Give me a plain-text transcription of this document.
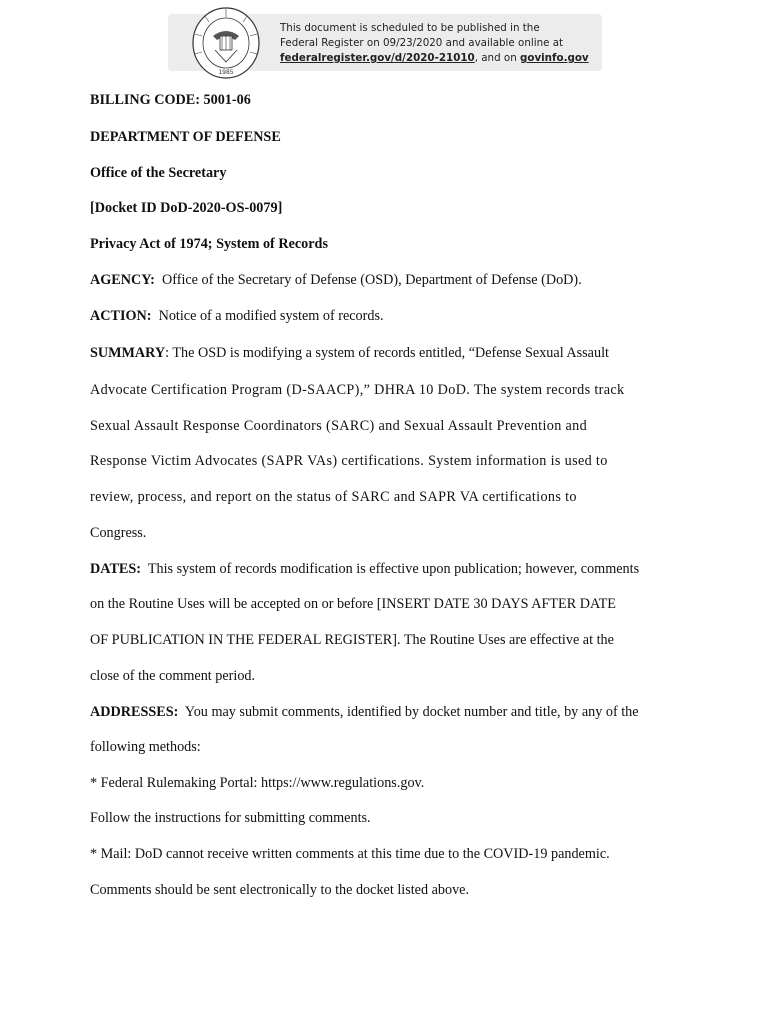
1985
This document is scheduled to be published in the
Federal Register on 09/23/2020 and available online at
federalregister.gov/d/2020-21010, and on govinfo.gov
BILLING CODE: 5001-06
DEPARTMENT OF DEFENSE
Office of the Secretary
[Docket ID DoD-2020-OS-0079]
Privacy Act of 1974; System of Records
AGENCY: Office of the Secretary of Defense (OSD), Department of Defense (DoD).
ACTION: Notice of a modified system of records.
SUMMARY: The OSD is modifying a system of records entitled, “Defense Sexual Assault
Advocate Certification Program (D-SAACP),” DHRA 10 DoD. The system records track
Sexual Assault Response Coordinators (SARC) and Sexual Assault Prevention and
Response Victim Advocates (SAPR VAs) certifications. System information is used to
review, process, and report on the status of SARC and SAPR VA certifications to
Congress.
DATES: This system of records modification is effective upon publication; however, comments
on the Routine Uses will be accepted on or before [INSERT DATE 30 DAYS AFTER DATE
OF PUBLICATION IN THE FEDERAL REGISTER]. The Routine Uses are effective at the
close of the comment period.
ADDRESSES: You may submit comments, identified by docket number and title, by any of the
following methods:
* Federal Rulemaking Portal: https://www.regulations.gov.
Follow the instructions for submitting comments.
* Mail: DoD cannot receive written comments at this time due to the COVID-19 pandemic.
Comments should be sent electronically to the docket listed above.
